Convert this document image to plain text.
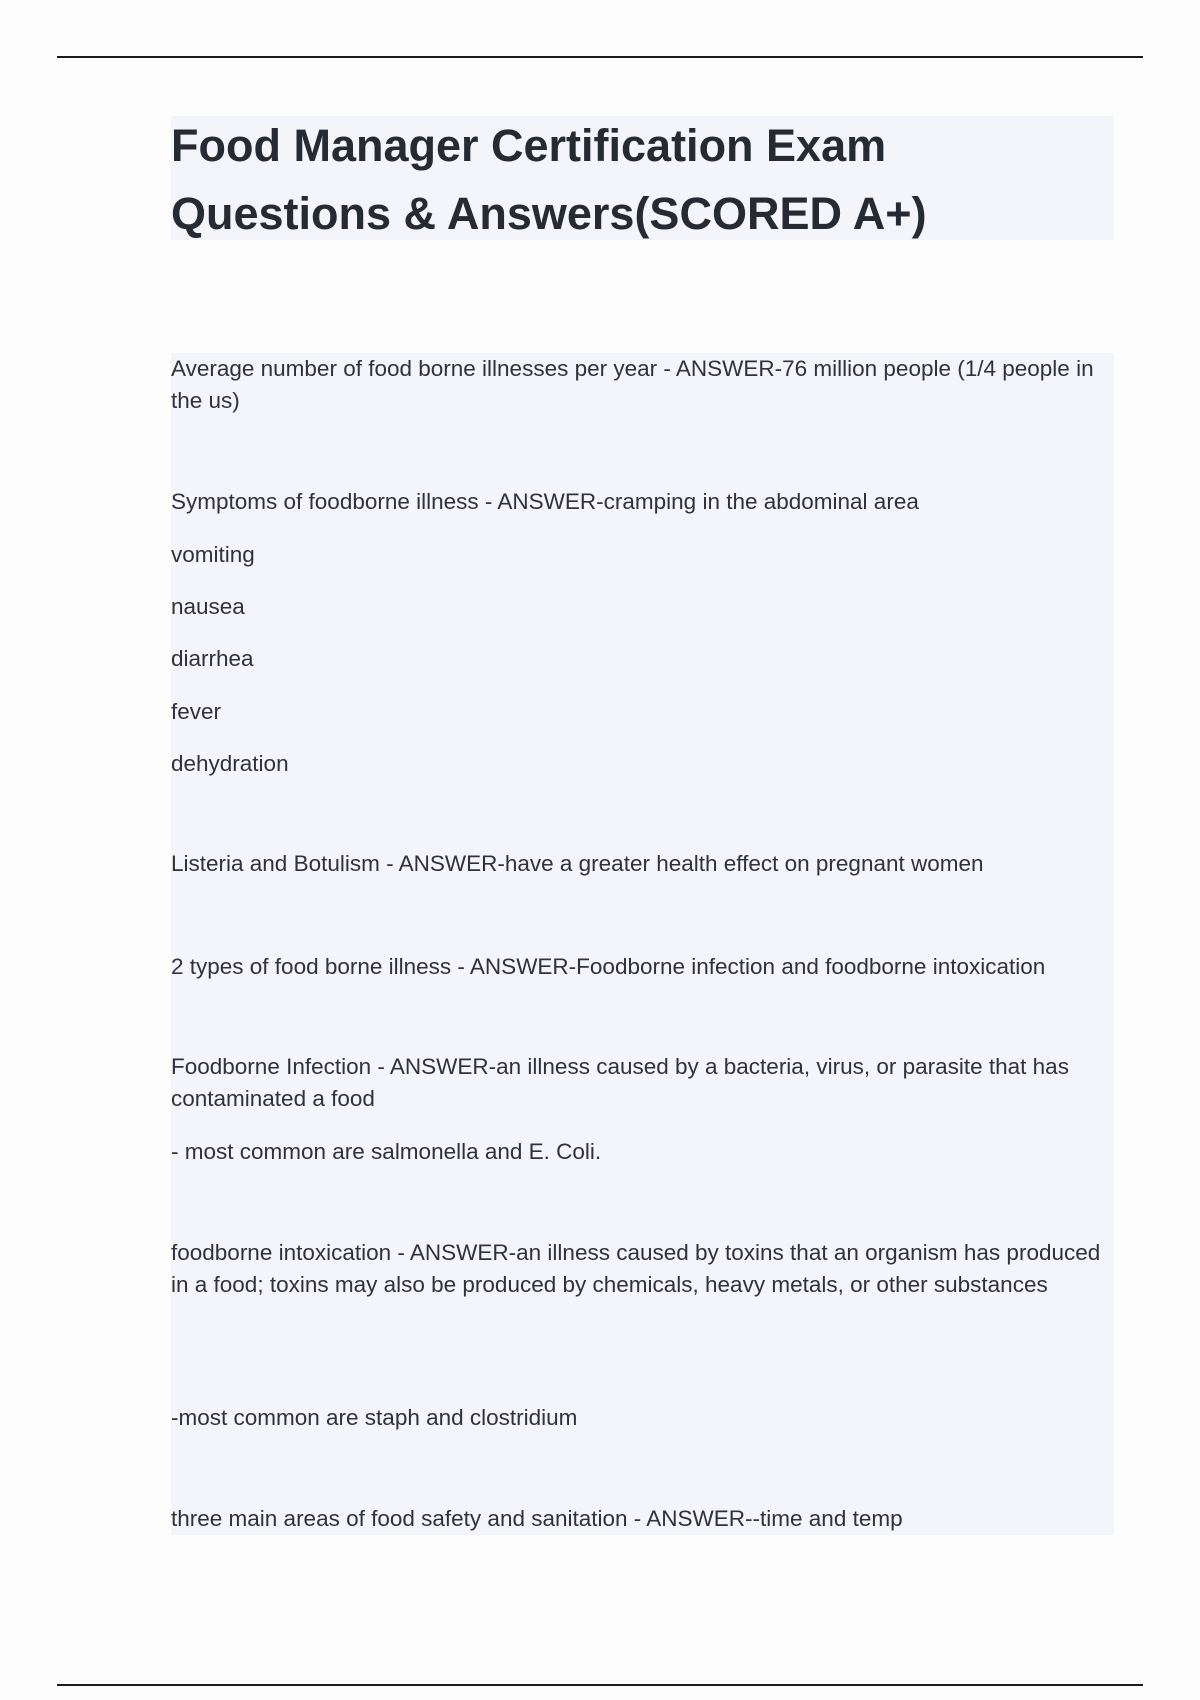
Food Manager Certification Exam Questions & Answers(SCORED A+)

Average number of food borne illnesses per year - ANSWER-76 million people (1/4 people in the us)

Symptoms of foodborne illness - ANSWER-cramping in the abdominal area

vomiting

nausea

diarrhea

fever

dehydration

Listeria and Botulism - ANSWER-have a greater health effect on pregnant women

2 types of food borne illness - ANSWER-Foodborne infection and foodborne intoxication

Foodborne Infection - ANSWER-an illness caused by a bacteria, virus, or parasite that has contaminated a food

- most common are salmonella and E. Coli.

foodborne intoxication - ANSWER-an illness caused by toxins that an organism has produced in a food; toxins may also be produced by chemicals, heavy metals, or other substances

-most common are staph and clostridium

three main areas of food safety and sanitation - ANSWER--time and temp
